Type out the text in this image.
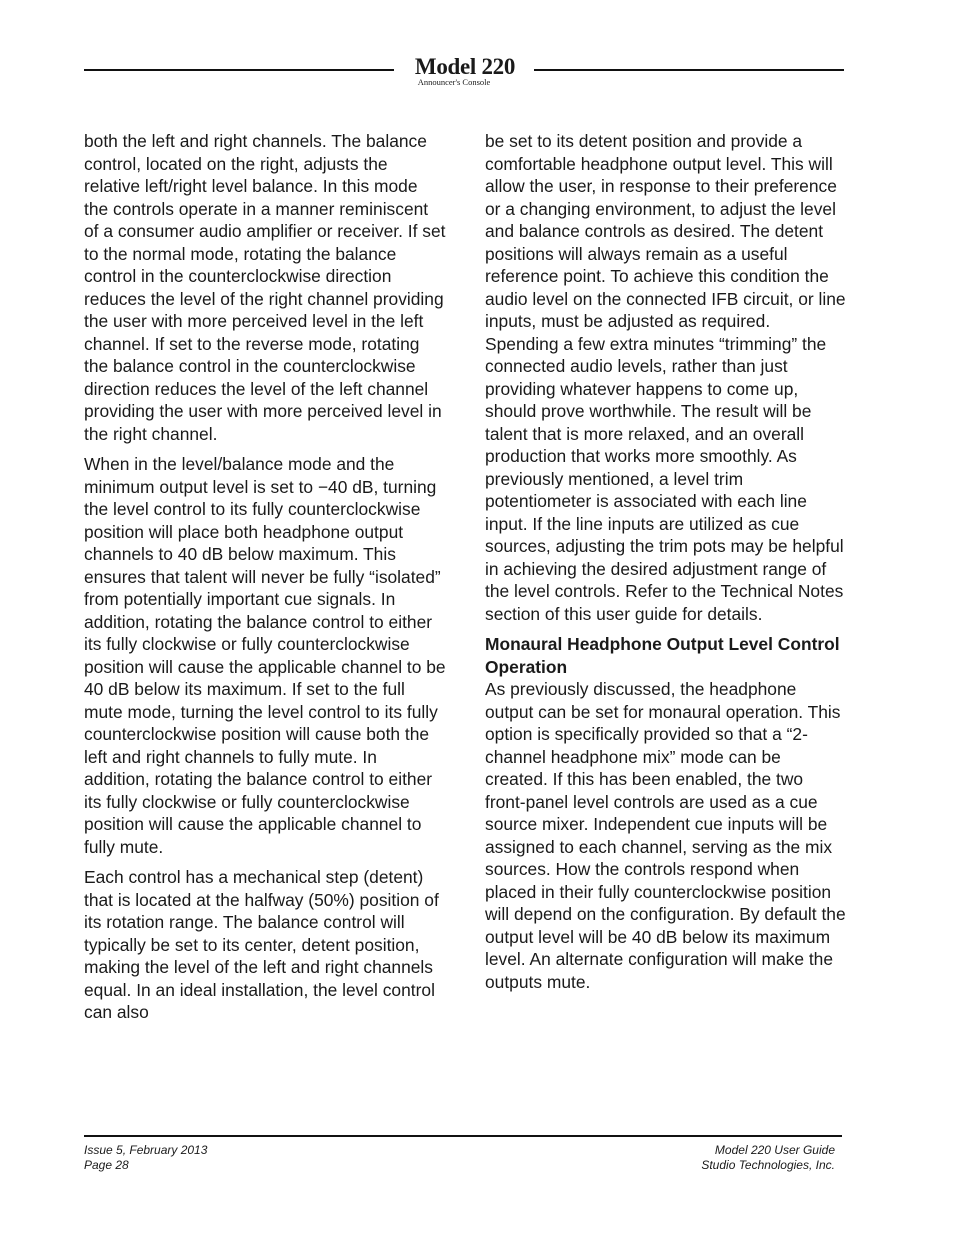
Model 220
Announcer's Console

both the left and right channels. The balance control, located on the right, adjusts the relative left/right level balance. In this mode the controls operate in a manner reminiscent of a consumer audio amplifier or receiver. If set to the normal mode, rotating the balance control in the counterclockwise direction reduces the level of the right channel providing the user with more perceived level in the left channel. If set to the reverse mode, rotating the balance control in the counterclockwise direction reduces the level of the left channel providing the user with more perceived level in the right channel.

When in the level/balance mode and the minimum output level is set to −40 dB, turning the level control to its fully counterclockwise position will place both headphone output channels to 40 dB below maximum. This ensures that talent will never be fully “isolated” from potentially important cue signals. In addition, rotating the balance control to either its fully clockwise or fully counterclockwise position will cause the applicable channel to be 40 dB below its maximum. If set to the full mute mode, turning the level control to its fully counterclockwise position will cause both the left and right channels to fully mute. In addition, rotating the balance control to either its fully clockwise or fully counterclockwise position will cause the applicable channel to fully mute.

Each control has a mechanical step (detent) that is located at the halfway (50%) position of its rotation range. The balance control will typically be set to its center, detent position, making the level of the left and right channels equal. In an ideal installation, the level control can also

be set to its detent position and provide a comfortable headphone output level. This will allow the user, in response to their preference or a changing environment, to adjust the level and balance controls as desired. The detent positions will always remain as a useful reference point. To achieve this condition the audio level on the connected IFB circuit, or line inputs, must be adjusted as required. Spending a few extra minutes “trimming” the connected audio levels, rather than just providing whatever happens to come up, should prove worthwhile. The result will be talent that is more relaxed, and an overall production that works more smoothly. As previously mentioned, a level trim potentiometer is associated with each line input. If the line inputs are utilized as cue sources, adjusting the trim pots may be helpful in achieving the desired adjustment range of the level controls. Refer to the Technical Notes section of this user guide for details.

Monaural Headphone Output Level Control Operation

As previously discussed, the headphone output can be set for monaural operation. This option is specifically provided so that a “2-channel headphone mix” mode can be created. If this has been enabled, the two front-panel level controls are used as a cue source mixer. Independent cue inputs will be assigned to each channel, serving as the mix sources. How the controls respond when placed in their fully counterclockwise position will depend on the configuration. By default the output level will be 40 dB below its maximum level. An alternate configuration will make the outputs mute.

Issue 5, February 2013
Page 28
Model 220 User Guide
Studio Technologies, Inc.
